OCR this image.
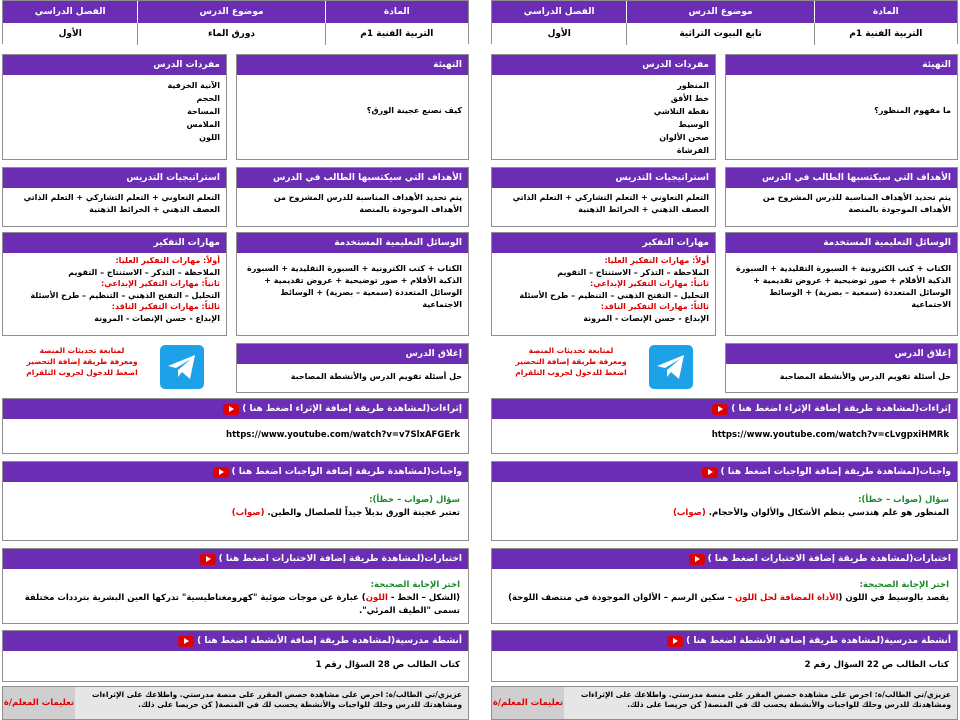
المادة
موضوع الدرس
الفصل الدراسي
التربية الفنية 1م
تابع البيوت التراثية
الأول
التهيئة
ما مفهوم المنظور؟
مفردات الدرس
المنظور
خط الأفق
نقطة التلاشي
الوسيط
صحن الألوان
الفرشاة
الأهداف التي سيكتسبها الطالب في الدرس
يتم تحديد الأهداف المناسبة للدرس المشروح من الأهداف الموجودة بالمنصة
استراتيجيات التدريس
التعلم التعاوني + التعلم التشاركي + التعلم الذاتي العصف الذهني + الخرائط الذهنية
الوسائل التعليمية المستخدمة
الكتاب + كتب الكترونية + السبورة التقليدية + السبورة الذكية الأقلام + صور توضيحية + عروض تقديمية + الوسائل المتعددة (سمعية – بصرية) + الوسائط الاجتماعية
مهارات التفكير
أولاً: مهارات التفكير العليا:
الملاحظة – التذكر – الاستنتاج – التقويم
ثانياً: مهارات التفكير الإبداعي:
التحليل – التفتح الذهني – التنظيم – طرح الأسئلة
ثالثاً: مهارات التفكير الناقد:
الإبداع - حسن الإنصات - المرونة
إغلاق الدرس
حل أسئلة تقويم الدرس والأنشطة المصاحبة
لمتابعة تحديثات المنصة
ومعرفة طريقة إضافة التحضير
اضغط للدخول لجروب التلقرام
إثراءات
(لمشاهدة طريقة إضافة الإثراء اضغط هنا )
https://www.youtube.com/watch?v=cLvgpxiHMRk
واجبات
(لمشاهدة طريقة إضافة الواجبات اضغط هنا )
سؤال (صواب – خطأ):
المنظور هو علم هندسي ينظم الأشكال والألوان والأحجام. (صواب)
اختبارات
(لمشاهدة طريقة إضافة الاختبارات اضغط هنا )
اختر الإجابة الصحيحة:
يقصد بالوسيط في اللون (الأداة المضافة لحل اللون – سكين الرسم – الألوان الموجودة في منتصف اللوحة)
أنشطة مدرسية
(لمشاهدة طريقة إضافة الأنشطة اضغط هنا )
كتاب الطالب ص 22 السؤال رقم 2
عزيزي/تي الطالب/ة: احرص على مشاهدة حصص المقرر على منصة مدرستي. واطلاعك على الإثراءات ومشاهدتك للدرس وحلك للواجبات والأنشطة يحسب لك في المنصة( كن حريصا على ذلك.
تعليمات المعلم/ة
المادة
موضوع الدرس
الفصل الدراسي
التربية الفنية 1م
دورق الماء
الأول
التهيئة
كيف نصنع عجينة الورق؟
مفردات الدرس
الآنية الخزفية
الحجم
المساحة
الملامس
اللون
الأهداف التي سيكتسبها الطالب في الدرس
يتم تحديد الأهداف المناسبة للدرس المشروح من الأهداف الموجودة بالمنصة
استراتيجيات التدريس
التعلم التعاوني + التعلم التشاركي + التعلم الذاتي العصف الذهني + الخرائط الذهنية
الوسائل التعليمية المستخدمة
الكتاب + كتب الكترونية + السبورة التقليدية + السبورة الذكية الأقلام + صور توضيحية + عروض تقديمية + الوسائل المتعددة (سمعية – بصرية) + الوسائط الاجتماعية
مهارات التفكير
أولاً: مهارات التفكير العليا:
الملاحظة – التذكر – الاستنتاج – التقويم
ثانياً: مهارات التفكير الإبداعي:
التحليل – التفتح الذهني – التنظيم – طرح الأسئلة
ثالثاً: مهارات التفكير الناقد:
الإبداع - حسن الإنصات - المرونة
إغلاق الدرس
حل أسئلة تقويم الدرس والأنشطة المصاحبة
لمتابعة تحديثات المنصة
ومعرفة طريقة إضافة التحضير
اضغط للدخول لجروب التلقرام
إثراءات
(لمشاهدة طريقة إضافة الإثراء اضغط هنا )
https://www.youtube.com/watch?v=v7SlxAFGErk
واجبات
(لمشاهدة طريقة إضافة الواجبات اضغط هنا )
سؤال (صواب – خطأ):
تعتبر عجينة الورق بديلاً جيداً للصلصال والطين. (صواب)
اختبارات
(لمشاهدة طريقة إضافة الاختبارات اضغط هنا )
اختر الإجابة الصحيحة:
(الشكل – الخط - اللون) عبارة عن موجات ضوئية "كهرومغناطيسية" تدركها العين البشرية بترددات مختلفة تسمى "الطيف المرئي".
أنشطة مدرسية
(لمشاهدة طريقة إضافة الأنشطة اضغط هنا )
كتاب الطالب ص 28 السؤال رقم 1
عزيزي/تي الطالب/ة: احرص على مشاهدة حصص المقرر على منصة مدرستي. واطلاعك على الإثراءات ومشاهدتك للدرس وحلك للواجبات والأنشطة يحسب لك في المنصة( كن حريصا على ذلك.
تعليمات المعلم/ة
